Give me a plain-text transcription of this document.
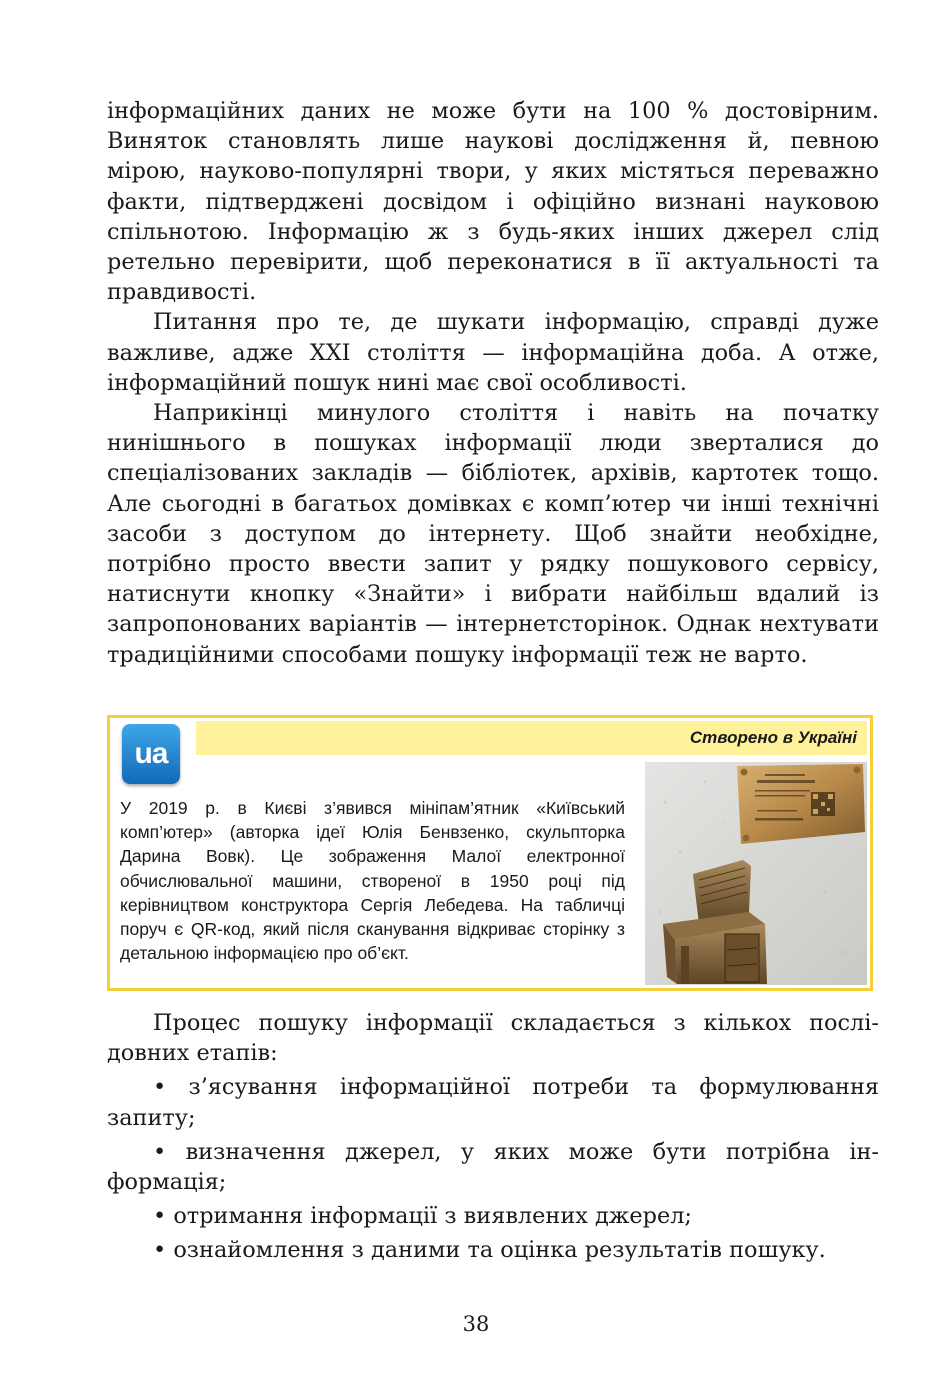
інформаційних даних не може бути на 100 % достовірним. Виняток становлять лише наукові дослідження й, певною мірою, науково-популярні твори, у яких містяться переважно факти, підтверджені досвідом і офіційно визнані науковою спільнотою. Інформацію ж з будь-яких інших джерел слід ретельно перевірити, щоб переконатися в її актуальності та правдивості.

Питання про те, де шукати інформацію, справді дуже важливе, адже XXI століття — інформаційна доба. А отже, інформаційний пошук нині має свої особливості.

Наприкінці минулого століття і навіть на початку нинішнього в пошуках інформації люди зверталися до спеціалізованих закладів — бібліотек, архівів, картотек тощо. Але сьогодні в багатьох домівках є комп’ютер чи інші технічні засоби з доступом до інтернету. Щоб знайти необхідне, потрібно просто ввести запит у рядку пошукового сервісу, натиснути кнопку «Знайти» і вибрати найбільш вдалий із запропонованих варіантів — інтернетсторінок. Однак нехтувати традиційними способами пошуку інформації теж не варто.

Створено в Україні
ua
У 2019 р. в Києві з’явився мініпам’ятник «Київський комп’ютер» (авторка ідеї Юлія Бенвзенко, скульпторка Дарина Вовк). Це зображення Малої електронної обчислювальної машини, створеної в 1950 році під керівництвом конструктора Сергія Лебедева. На табличці поруч є QR-код, який після сканування відкриває сторінку з детальною інформацією про об’єкт.

Процес пошуку інформації складається з кількох послідовних етапів:

• з’ясування інформаційної потреби та формулювання запиту;
• визначення джерел, у яких може бути потрібна інформація;
• отримання інформації з виявлених джерел;
• ознайомлення з даними та оцінка результатів пошуку.
38
